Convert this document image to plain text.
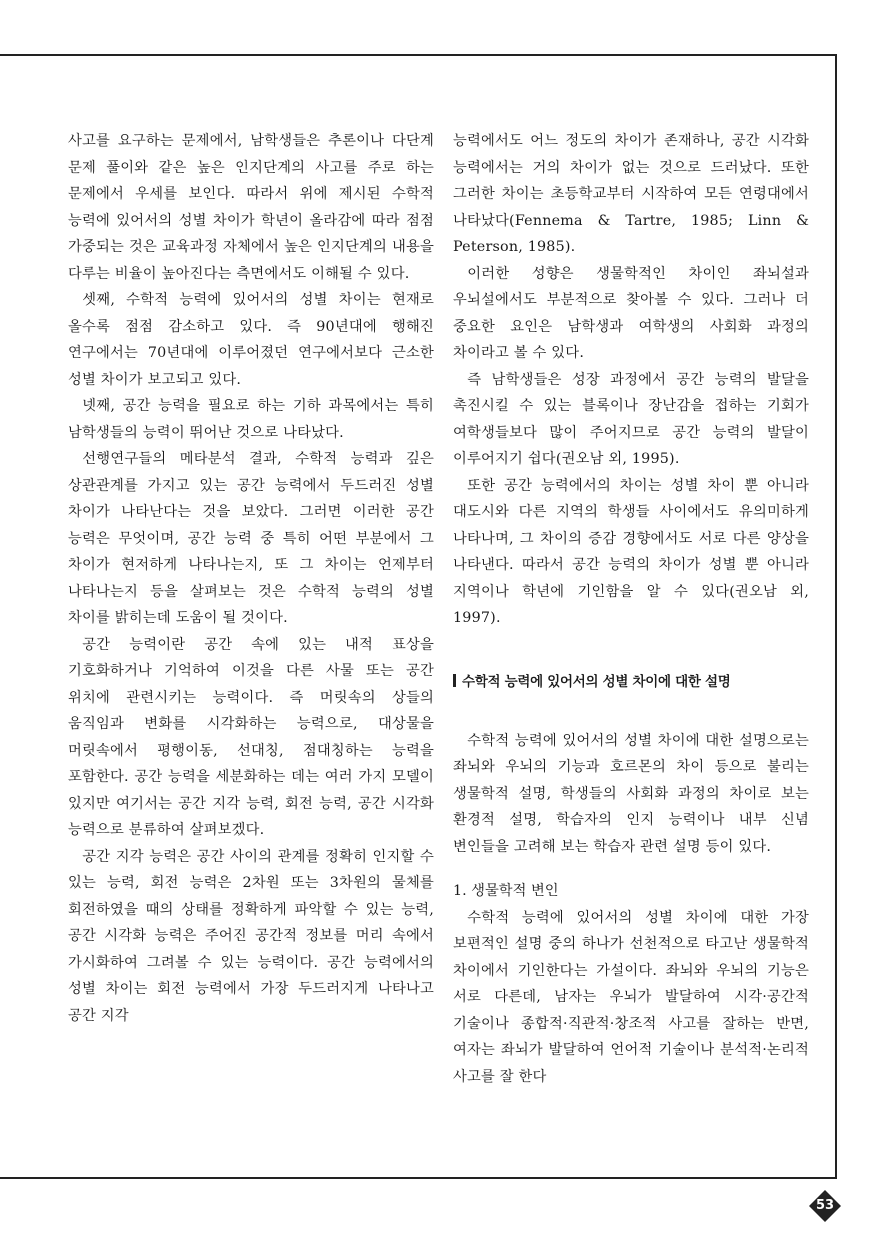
사고를 요구하는 문제에서, 남학생들은 추론이나 다단계 문제 풀이와 같은 높은 인지단계의 사고를 주로 하는 문제에서 우세를 보인다. 따라서 위에 제시된 수학적 능력에 있어서의 성별 차이가 학년이 올라감에 따라 점점 가중되는 것은 교육과정 자체에서 높은 인지단계의 내용을 다루는 비율이 높아진다는 측면에서도 이해될 수 있다.

셋째, 수학적 능력에 있어서의 성별 차이는 현재로 올수록 점점 감소하고 있다. 즉 90년대에 행해진 연구에서는 70년대에 이루어졌던 연구에서보다 근소한 성별 차이가 보고되고 있다.

넷째, 공간 능력을 필요로 하는 기하 과목에서는 특히 남학생들의 능력이 뛰어난 것으로 나타났다.

선행연구들의 메타분석 결과, 수학적 능력과 깊은 상관관계를 가지고 있는 공간 능력에서 두드러진 성별 차이가 나타난다는 것을 보았다. 그러면 이러한 공간 능력은 무엇이며, 공간 능력 중 특히 어떤 부분에서 그 차이가 현저하게 나타나는지, 또 그 차이는 언제부터 나타나는지 등을 살펴보는 것은 수학적 능력의 성별 차이를 밝히는데 도움이 될 것이다.

공간 능력이란 공간 속에 있는 내적 표상을 기호화하거나 기억하여 이것을 다른 사물 또는 공간 위치에 관련시키는 능력이다. 즉 머릿속의 상들의 움직임과 변화를 시각화하는 능력으로, 대상물을 머릿속에서 평행이동, 선대칭, 점대칭하는 능력을 포함한다. 공간 능력을 세분화하는 데는 여러 가지 모델이 있지만 여기서는 공간 지각 능력, 회전 능력, 공간 시각화 능력으로 분류하여 살펴보겠다.

공간 지각 능력은 공간 사이의 관계를 정확히 인지할 수 있는 능력, 회전 능력은 2차원 또는 3차원의 물체를 회전하였을 때의 상태를 정확하게 파악할 수 있는 능력, 공간 시각화 능력은 주어진 공간적 정보를 머리 속에서 가시화하여 그려볼 수 있는 능력이다. 공간 능력에서의 성별 차이는 회전 능력에서 가장 두드러지게 나타나고 공간 지각

능력에서도 어느 정도의 차이가 존재하나, 공간 시각화 능력에서는 거의 차이가 없는 것으로 드러났다. 또한 그러한 차이는 초등학교부터 시작하여 모든 연령대에서 나타났다(Fennema & Tartre, 1985; Linn & Peterson, 1985).

이러한 성향은 생물학적인 차이인 좌뇌설과 우뇌설에서도 부분적으로 찾아볼 수 있다. 그러나 더 중요한 요인은 남학생과 여학생의 사회화 과정의 차이라고 볼 수 있다.

즉 남학생들은 성장 과정에서 공간 능력의 발달을 촉진시킬 수 있는 블록이나 장난감을 접하는 기회가 여학생들보다 많이 주어지므로 공간 능력의 발달이 이루어지기 쉽다(권오남 외, 1995).

또한 공간 능력에서의 차이는 성별 차이 뿐 아니라 대도시와 다른 지역의 학생들 사이에서도 유의미하게 나타나며, 그 차이의 증감 경향에서도 서로 다른 양상을 나타낸다. 따라서 공간 능력의 차이가 성별 뿐 아니라 지역이나 학년에 기인함을 알 수 있다(권오남 외, 1997).

수학적 능력에 있어서의 성별 차이에 대한 설명

수학적 능력에 있어서의 성별 차이에 대한 설명으로는 좌뇌와 우뇌의 기능과 호르몬의 차이 등으로 불리는 생물학적 설명, 학생들의 사회화 과정의 차이로 보는 환경적 설명, 학습자의 인지 능력이나 내부 신념 변인들을 고려해 보는 학습자 관련 설명 등이 있다.

1. 생물학적 변인

수학적 능력에 있어서의 성별 차이에 대한 가장 보편적인 설명 중의 하나가 선천적으로 타고난 생물학적 차이에서 기인한다는 가설이다. 좌뇌와 우뇌의 기능은 서로 다른데, 남자는 우뇌가 발달하여 시각·공간적 기술이나 종합적·직관적·창조적 사고를 잘하는 반면, 여자는 좌뇌가 발달하여 언어적 기술이나 분석적·논리적 사고를 잘 한다

53
